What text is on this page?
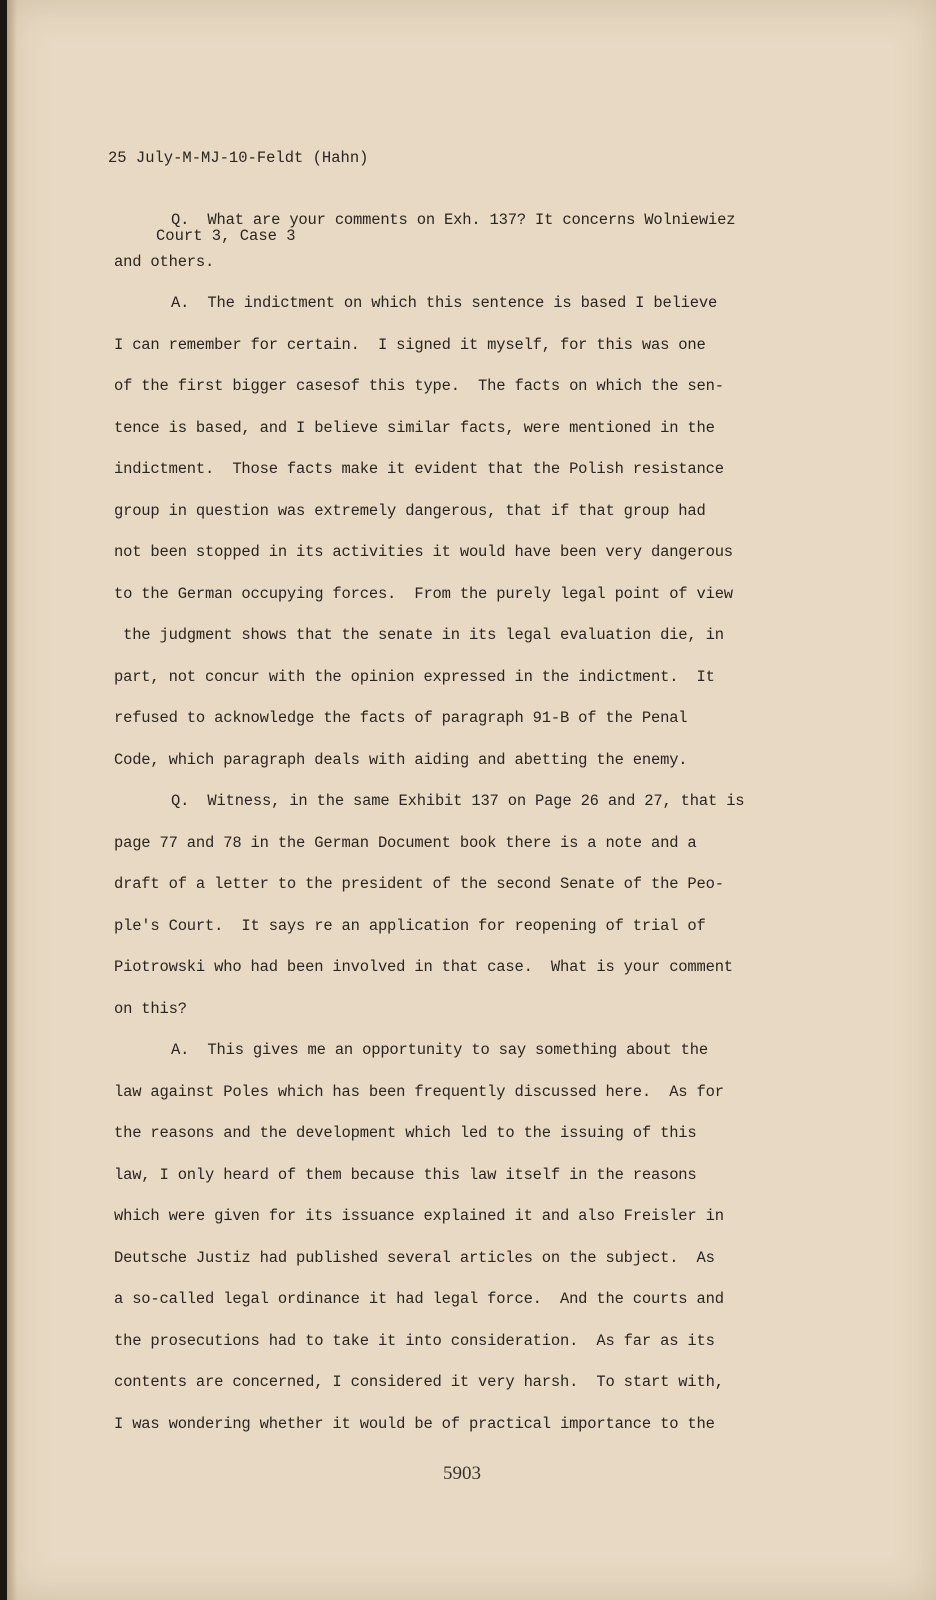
25 July-M-MJ-10-Feldt (Hahn)

Court 3, Case 3

Q.  What are your comments on Exh. 137? It concerns Wolniewiez
and others.
A.  The indictment on which this sentence is based I believe
I can remember for certain.  I signed it myself, for this was one
of the first bigger casesof this type.  The facts on which the sen-
tence is based, and I believe similar facts, were mentioned in the
indictment.  Those facts make it evident that the Polish resistance
group in question was extremely dangerous, that if that group had
not been stopped in its activities it would have been very dangerous
to the German occupying forces.  From the purely legal point of view
the judgment shows that the senate in its legal evaluation die, in
part, not concur with the opinion expressed in the indictment.  It
refused to acknowledge the facts of paragraph 91-B of the Penal
Code, which paragraph deals with aiding and abetting the enemy.
Q.  Witness, in the same Exhibit 137 on Page 26 and 27, that is
page 77 and 78 in the German Document book there is a note and a
draft of a letter to the president of the second Senate of the Peo-
ple's Court.  It says re an application for reopening of trial of
Piotrowski who had been involved in that case.  What is your comment
on this?
A.  This gives me an opportunity to say something about the
law against Poles which has been frequently discussed here.  As for
the reasons and the development which led to the issuing of this
law, I only heard of them because this law itself in the reasons
which were given for its issuance explained it and also Freisler in
Deutsche Justiz had published several articles on the subject.  As
a so-called legal ordinance it had legal force.  And the courts and
the prosecutions had to take it into consideration.  As far as its
contents are concerned, I considered it very harsh.  To start with,
I was wondering whether it would be of practical importance to the
5903
